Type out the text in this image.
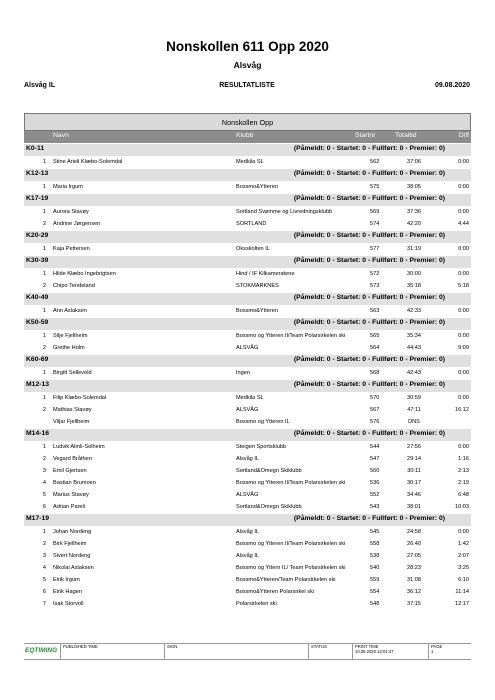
Nonskollen 611 Opp 2020
Alsvåg
Alsvåg IL	RESULTATLISTE	09.08.2020
Nonskollen Opp
Navn	Klubb	Startnr	Totaltid	Diff
K0-11	(Påmeldt: 0 - Startet: 0 - Fullført: 0 - Premier: 0)
1 Stine Arieli Klæbo-Solemdal	Medkila SL	562	37:06	0:00
K12-13	(Påmeldt: 0 - Startet: 0 - Fullført: 0 - Premier: 0)
1 Maria Irgum	Bossmo&Ytteren	575	38:05	0:00
K17-19	(Påmeldt: 0 - Startet: 0 - Fullført: 0 - Premier: 0)
1 Aurora Stavøy	Sortland Svømme og Livredningsklubb	569	37:36	0:00
2 Andrine Jørgensen	SORTLAND	574	42:20	4:44
K20-29	(Påmeldt: 0 - Startet: 0 - Fullført: 0 - Premier: 0)
1 Kaja Pettersen	Oksskolten IL	577	31:19	0:00
K30-39	(Påmeldt: 0 - Startet: 0 - Fullført: 0 - Premier: 0)
1 Hilde Klæbo Ingebrigtsen	Hind / IF Kilkameratene	572	30:00	0:00
2 Chipo Tendeland	STOKMARKNES	573	35:18	5:18
K40-49	(Påmeldt: 0 - Startet: 0 - Fullført: 0 - Premier: 0)
1 Ann Aslaksen	Bossmo&Ytteren	563	42:33	0:00
K50-59	(Påmeldt: 0 - Startet: 0 - Fullført: 0 - Premier: 0)
1 Silje Fjellheim	Bossmo og Ytteren Il/Team Polarsirkelen ski	565	35:34	0:00
2 Grethe Holm	ALSVÅG	564	44:43	9:09
K60-69	(Påmeldt: 0 - Startet: 0 - Fullført: 0 - Premier: 0)
1 Birgitt Sellevold	Ingen	568	42:43	0:00
M12-13	(Påmeldt: 0 - Startet: 0 - Fullført: 0 - Premier: 0)
1 Filip Klæbo-Solemdal	Medkila SL	570	30:59	0:00
2 Mathias Stavøy	ALSVÅG	567	47:11	16:12
Viljar Fjellheim	Bossmo og Ytteren IL	576	DNS
M14-16	(Påmeldt: 0 - Startet: 0 - Fullført: 0 - Premier: 0)
1 Ludvik Almli-Solheim	Steigen Sportsklubb	544	27:56	0:00
2 Vegard Bråthen	Alsvåg IL	547	29:14	1:16
3 Emil Gjertsen	Sortland&Omegn Skiklubb	560	30:11	2:13
4 Bastian Brumoen	Bossmo og Ytteren Il/Team Polarsirkelen ski	536	30:17	2:19
5 Marius Stavøy	ALSVÅG	552	34:46	6:48
6 Adrian Pareli	Sortland&Omegn Skiklubb	543	38:01	10:03
M17-19	(Påmeldt: 0 - Startet: 0 - Fullført: 0 - Premier: 0)
1 Johan Nordeng	Alsvåg IL	545	24:58	0:00
2 Birk Fjellheim	Bossmo og Ytteren Il/Team Polarsirkelen ski	558	26:40	1:42
3 Sivert Nordeng	Alsvåg IL	538	27:05	2:07
4 Nikolai Aslaksen	Bossmo og Yttern IL/ Team Polarsirkelen ski	540	28:23	3:25
5 Eirik Irgum	Bossmo&Ytteren/Team Polarsirkelen ski	559	31:08	6:10
6 Eirik Hagen	Bossmo&Ytteren Polarsirkel ski	554	36:12	11:14
7 Isak Storvoll	Polarsirkelen ski	548	37:15	12:17
EQTIMING
PUBLISHED TIME	SIGN	STATUS	PRINT TIME
10.08.2020 13:01:47
PAGE
1
